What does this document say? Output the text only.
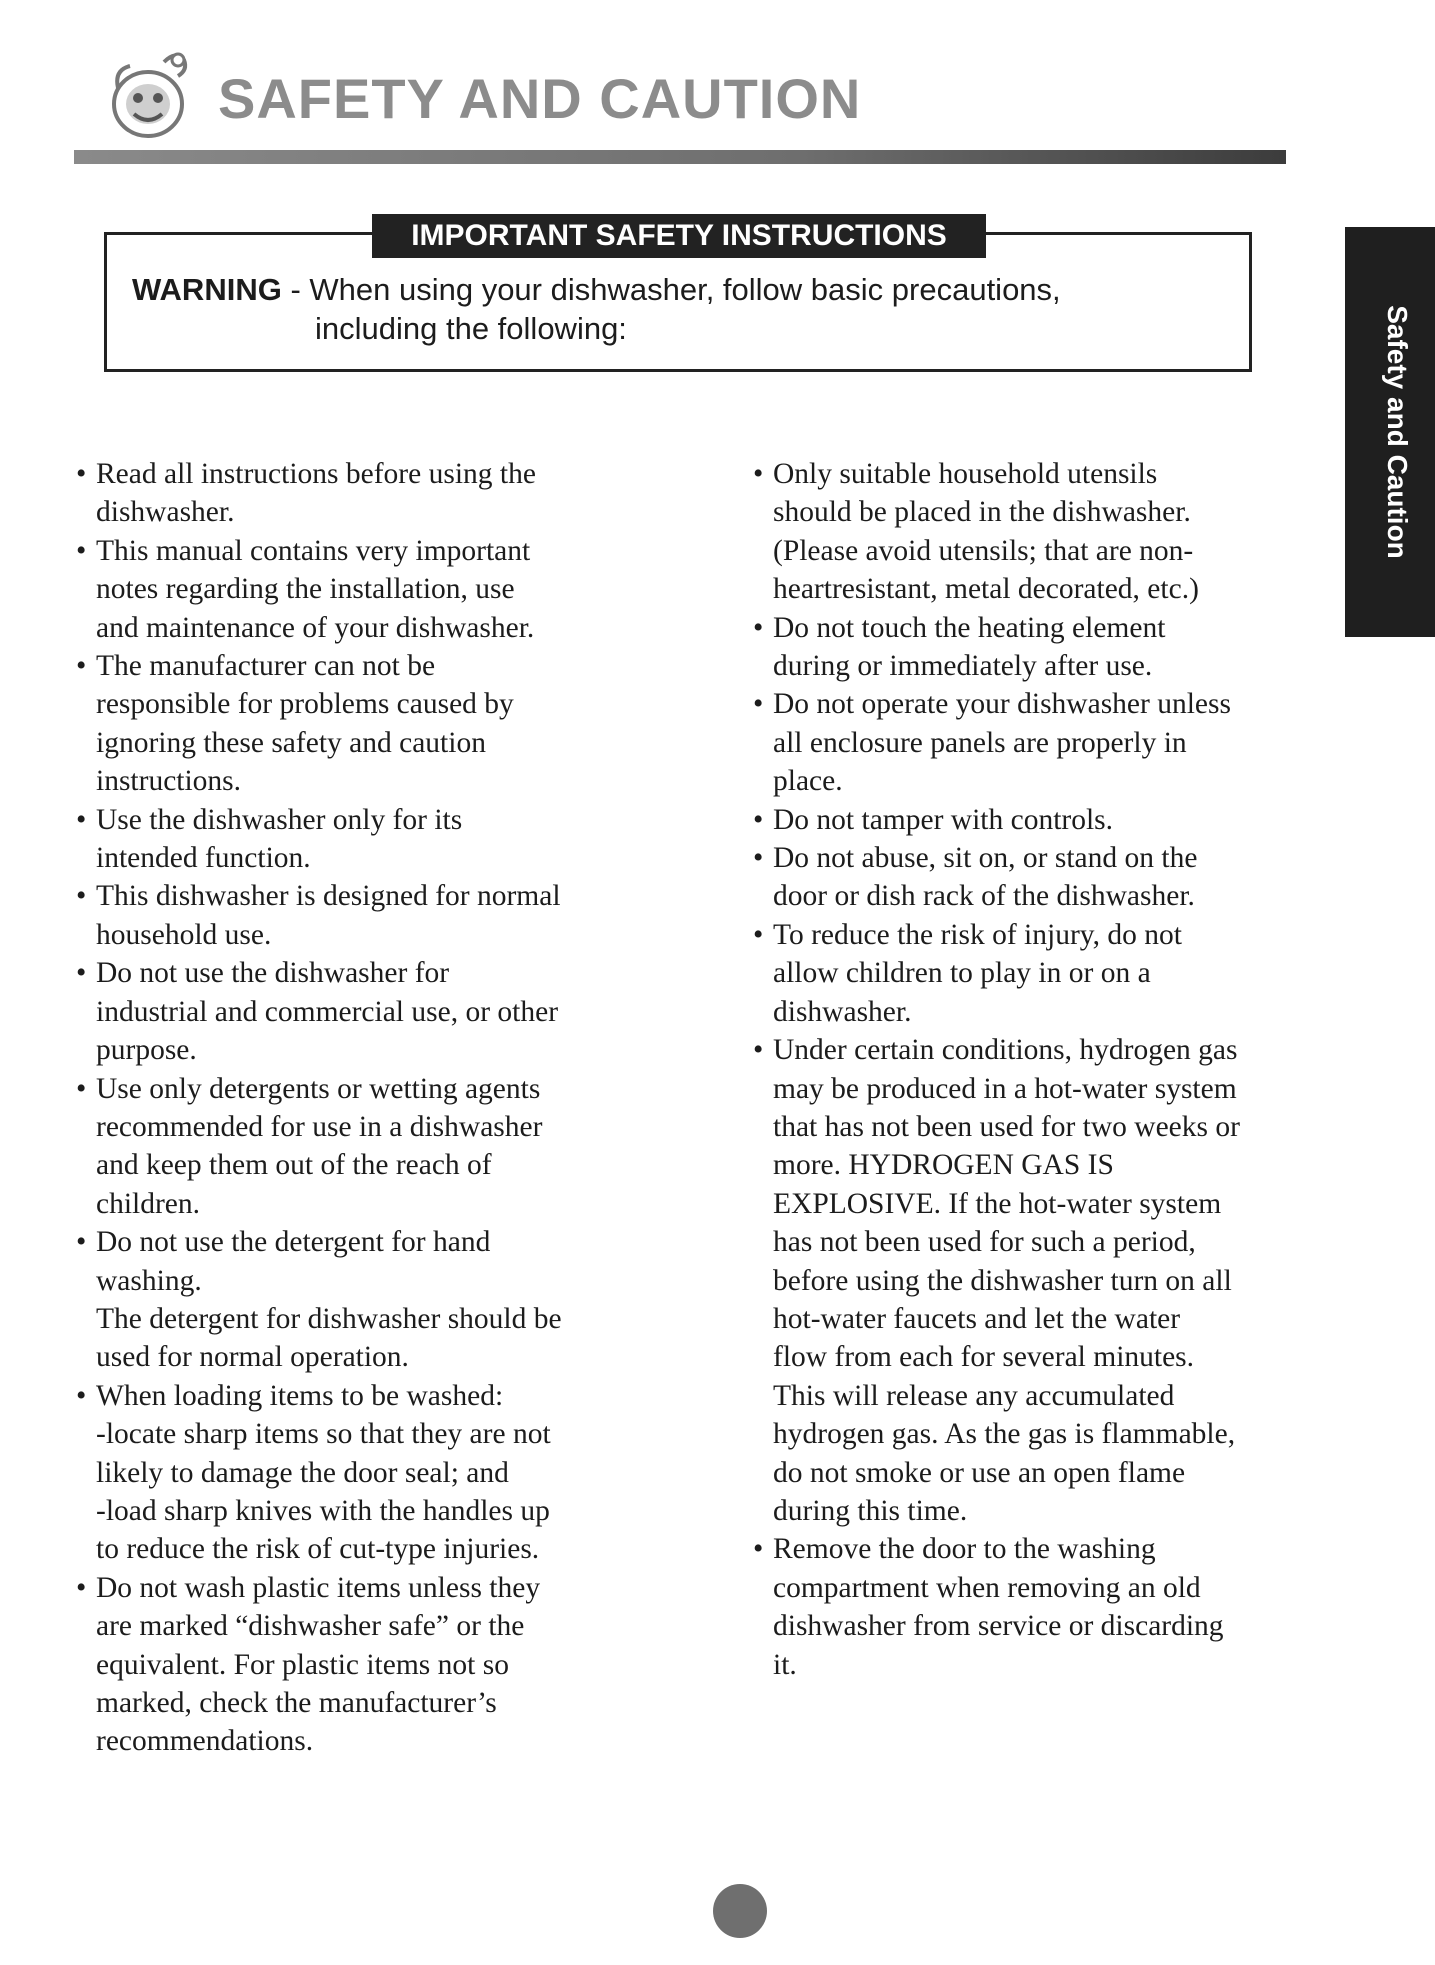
SAFETY AND CAUTION
Safety and Caution
IMPORTANT SAFETY INSTRUCTIONS
WARNING - When using your dishwasher, follow basic precautions,
including the following:
• Read all instructions before using the
dishwasher.
• This manual contains very important
notes regarding the installation, use
and maintenance of your dishwasher.
• The manufacturer can not be
responsible for problems caused by
ignoring these safety and caution
instructions.
• Use the dishwasher only for its
intended function.
• This dishwasher is designed for normal
household use.
• Do not use the dishwasher for
industrial and commercial use, or other
purpose.
• Use only detergents or wetting agents
recommended for use in a dishwasher
and keep them out of the reach of
children.
• Do not use the detergent for hand
washing.
The detergent for dishwasher should be
used for normal operation.
• When loading items to be washed:
-locate sharp items so that they are not
likely to damage the door seal; and
-load sharp knives with the handles up
to reduce the risk of cut-type injuries.
• Do not wash plastic items unless they
are marked “dishwasher safe” or the
equivalent. For plastic items not so
marked, check the manufacturer’s
recommendations.
• Only suitable household utensils
should be placed in the dishwasher.
(Please avoid utensils; that are non-
heartresistant, metal decorated, etc.)
• Do not touch the heating element
during or immediately after use.
• Do not operate your dishwasher unless
all enclosure panels are properly in
place.
• Do not tamper with controls.
• Do not abuse, sit on, or stand on the
door or dish rack of the dishwasher.
• To reduce the risk of injury, do not
allow children to play in or on a
dishwasher.
• Under certain conditions, hydrogen gas
may be produced in a hot-water system
that has not been used for two weeks or
more. HYDROGEN GAS IS
EXPLOSIVE. If the hot-water system
has not been used for such a period,
before using the dishwasher turn on all
hot-water faucets and let the water
flow from each for several minutes.
This will release any accumulated
hydrogen gas. As the gas is flammable,
do not smoke or use an open flame
during this time.
• Remove the door to the washing
compartment when removing an old
dishwasher from service or discarding
it.
